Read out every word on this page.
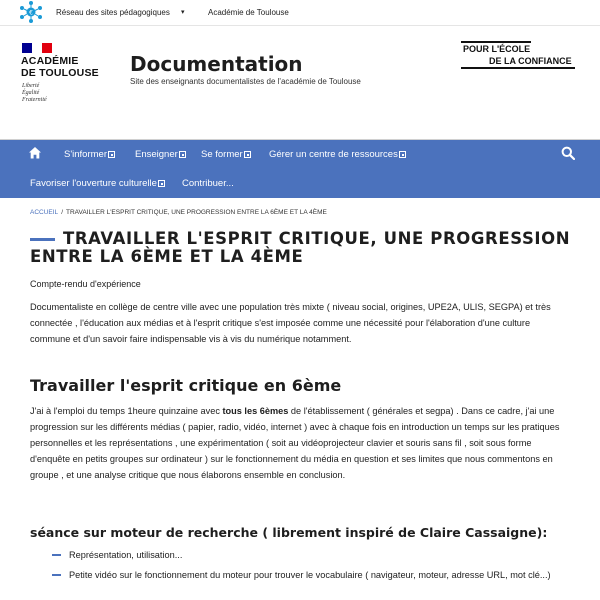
€	Réseau des sites pédagogiques ▾	Académie de Toulouse
ACADÉMIE
DE TOULOUSE
Liberté
Égalité
Fraternité
Documentation
Site des enseignants documentalistes de l'académie de Toulouse
POUR L'ÉCOLE
DE LA CONFIANCE
S'informer	Enseigner	Se former	Gérer un centre de ressources
Favoriser l'ouverture culturelle	Contribuer...
ACCUEIL / TRAVAILLER L'ESPRIT CRITIQUE, UNE PROGRESSION ENTRE LA 6ÈME ET LA 4ÈME
TRAVAILLER L'ESPRIT CRITIQUE, UNE PROGRESSION ENTRE LA 6ÈME ET LA 4ÈME
Compte-rendu d'expérience

Documentaliste en collège de centre ville avec une population très mixte ( niveau social, origines, UPE2A, ULIS, SEGPA) et très connectée , l'éducation aux médias et à l'esprit critique s'est imposée comme une nécessité pour l'élaboration d'une culture commune et d'un savoir faire indispensable vis à vis du numérique notamment.

Travailler l'esprit critique en 6ème

J'ai à l'emploi du temps 1heure quinzaine avec tous les 6èmes de l'établissement ( générales et segpa) . Dans ce cadre, j'ai une progression sur les différents médias ( papier, radio, vidéo, internet ) avec à chaque fois en introduction un temps sur les pratiques personnelles et les représentations , une expérimentation ( soit au vidéoprojecteur clavier et souris sans fil , soit sous forme d'enquête en petits groupes sur ordinateur ) sur le fonctionnement du média en question et ses limites que nous commentons en groupe , et une analyse critique que nous élaborons ensemble en conclusion.

séance sur moteur de recherche ( librement inspiré de Claire Cassaigne):
Représentation, utilisation...
Petite vidéo sur le fonctionnement du moteur pour trouver le vocabulaire ( navigateur, moteur, adresse URL, mot clé...)
